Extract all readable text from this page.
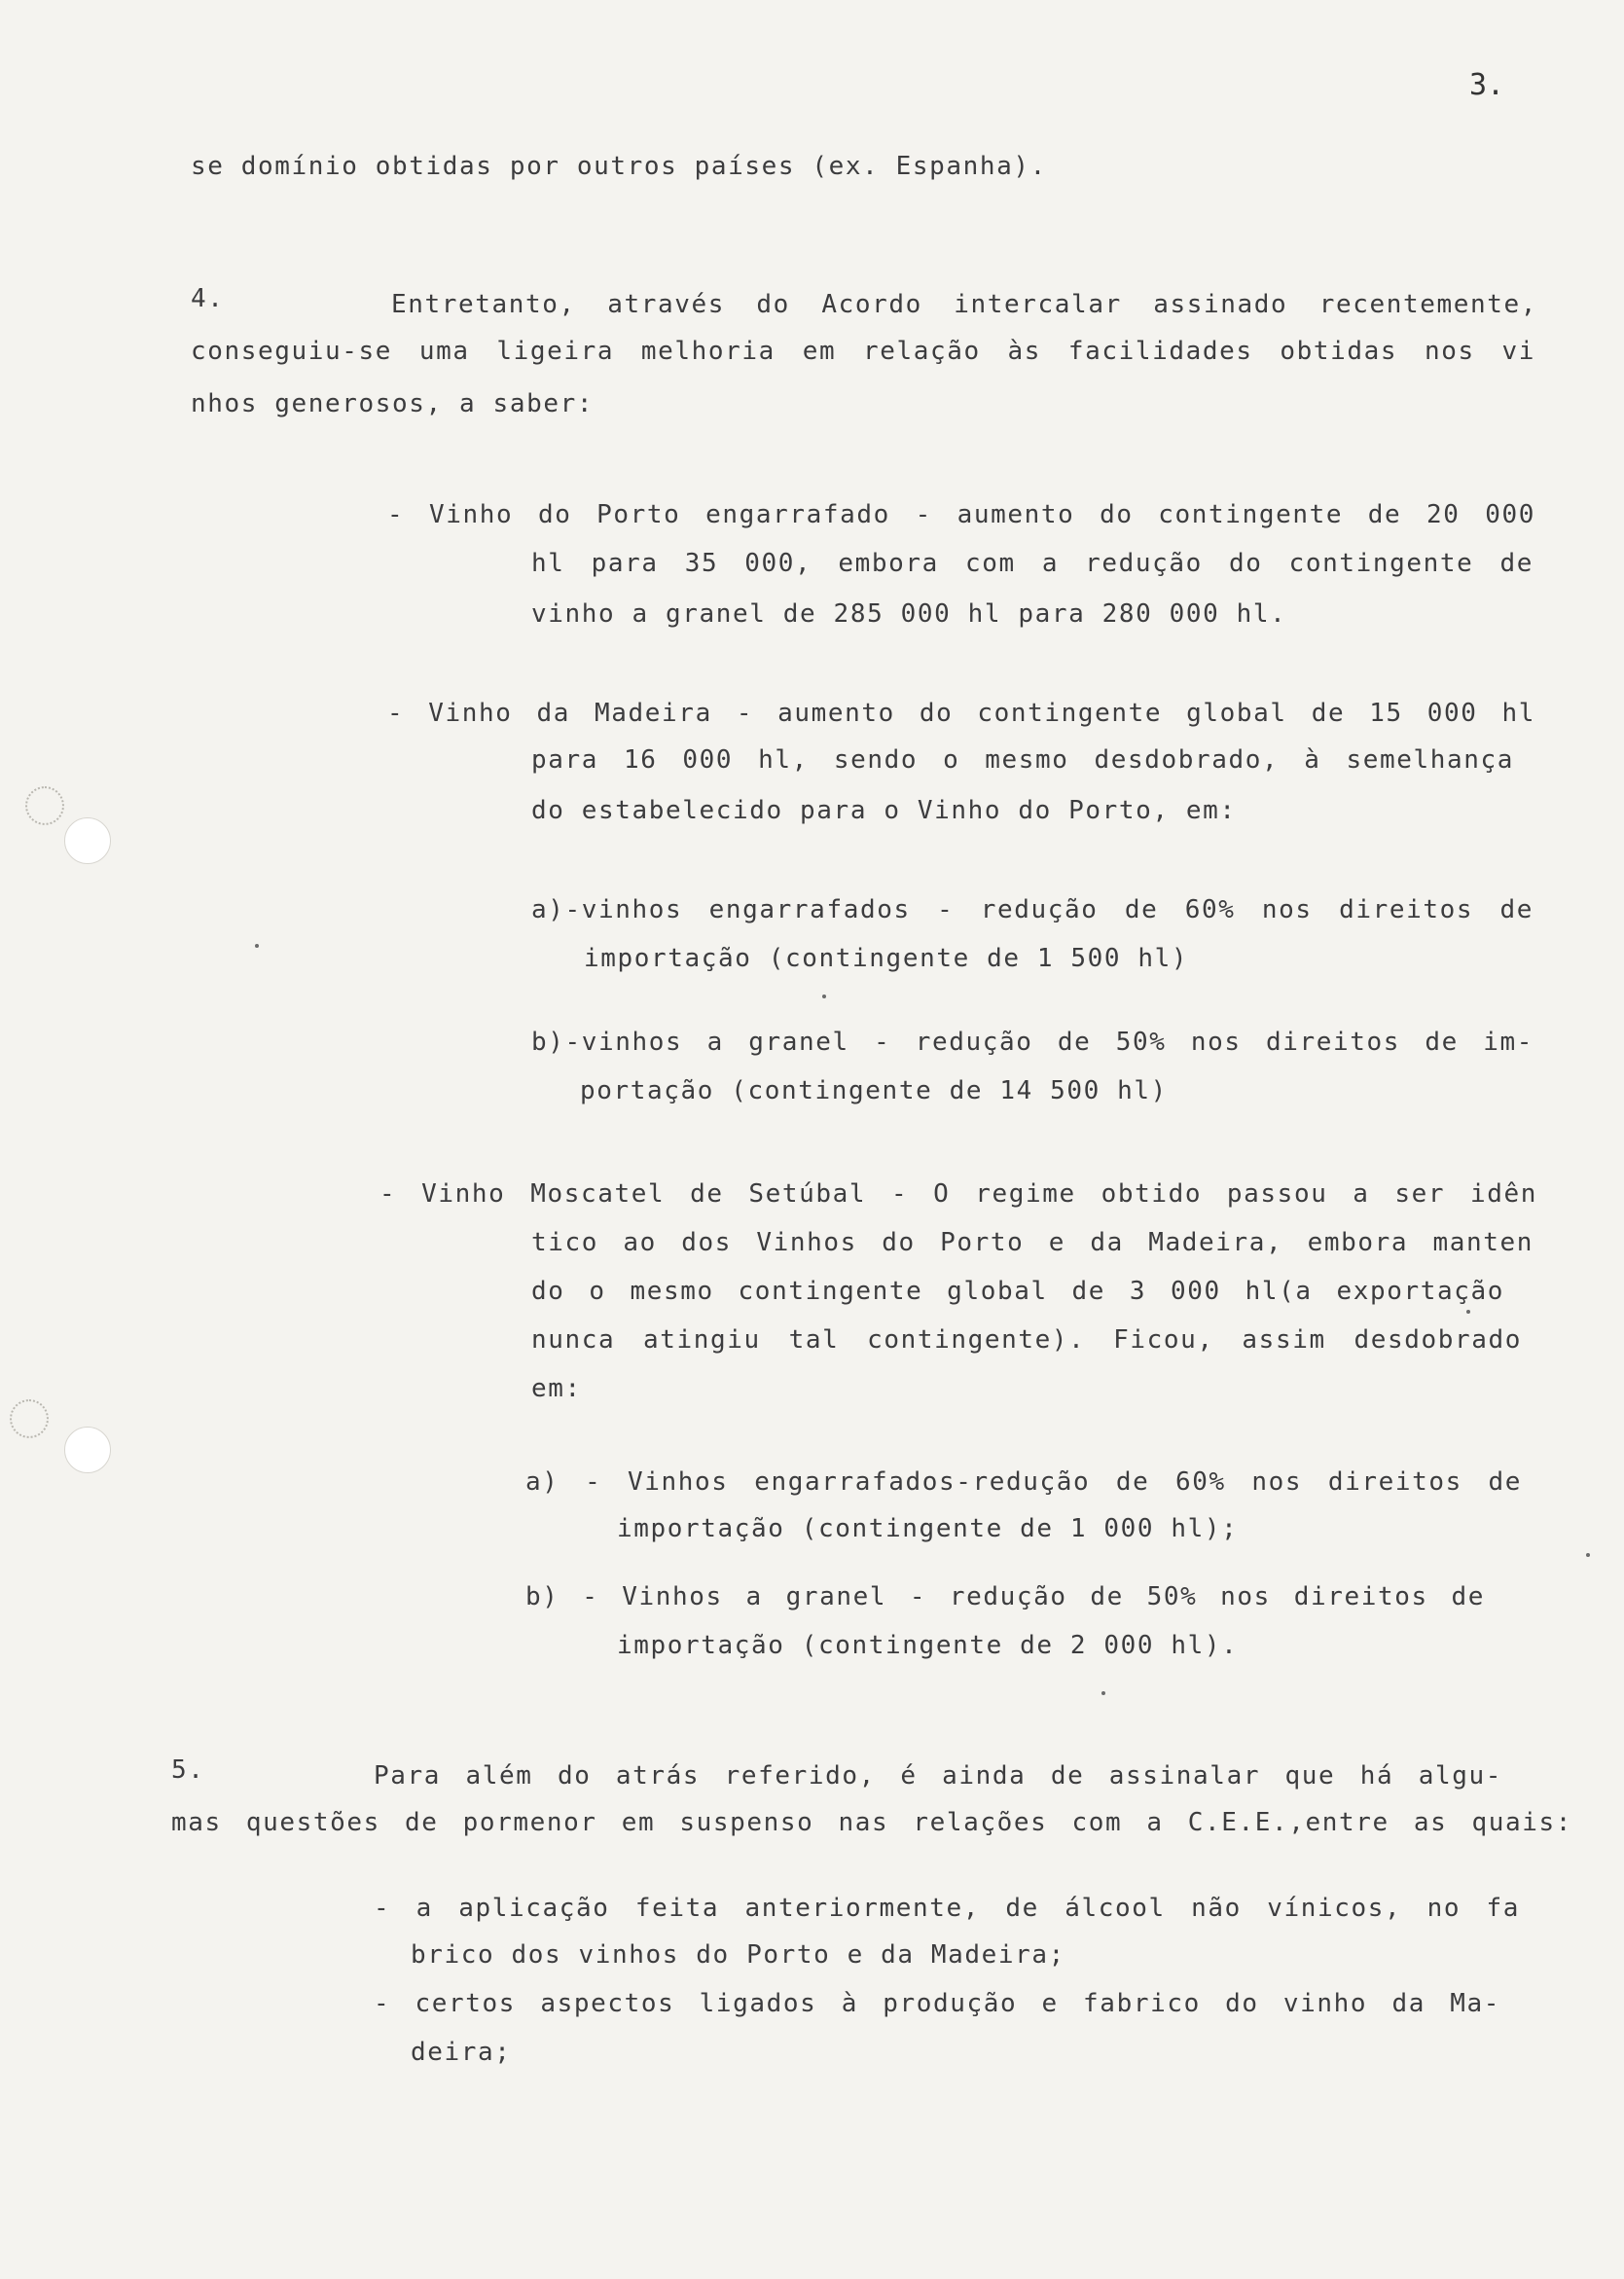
3.
se domínio obtidas por outros países (ex. Espanha).
4.	Entretanto, através do Acordo intercalar assinado recentemente,
conseguiu-se uma ligeira melhoria em relação às facilidades obtidas nos vi
nhos generosos, a saber:
- Vinho do Porto engarrafado - aumento do contingente de 20 000
hl para 35 000, embora com a redução do contingente de
vinho a granel de 285 000 hl para 280 000 hl.
- Vinho da Madeira - aumento do contingente global de 15 000 hl
para 16 000 hl, sendo o mesmo desdobrado, à semelhança
do estabelecido para o Vinho do Porto, em:
a)-vinhos engarrafados - redução de 60% nos direitos de
importação (contingente de 1 500 hl)
b)-vinhos a granel - redução de 50% nos direitos de im-
portação (contingente de 14 500 hl)
- Vinho Moscatel de Setúbal - O regime obtido passou a ser idên
tico ao dos Vinhos do Porto e da Madeira, embora manten
do o mesmo contingente global de 3 000 hl(a exportação
nunca atingiu tal contingente). Ficou, assim desdobrado
em:
a) - Vinhos engarrafados-redução de 60% nos direitos de
importação (contingente de 1 000 hl);
b) - Vinhos a granel - redução de 50% nos direitos de
importação (contingente de 2 000 hl).
5.	Para além do atrás referido, é ainda de assinalar que há algu-
mas questões de pormenor em suspenso nas relações com a C.E.E.,entre as quais:
- a aplicação feita anteriormente, de álcool não vínicos, no fa
brico dos vinhos do Porto e da Madeira;
- certos aspectos ligados à produção e fabrico do vinho da Ma-
deira;
